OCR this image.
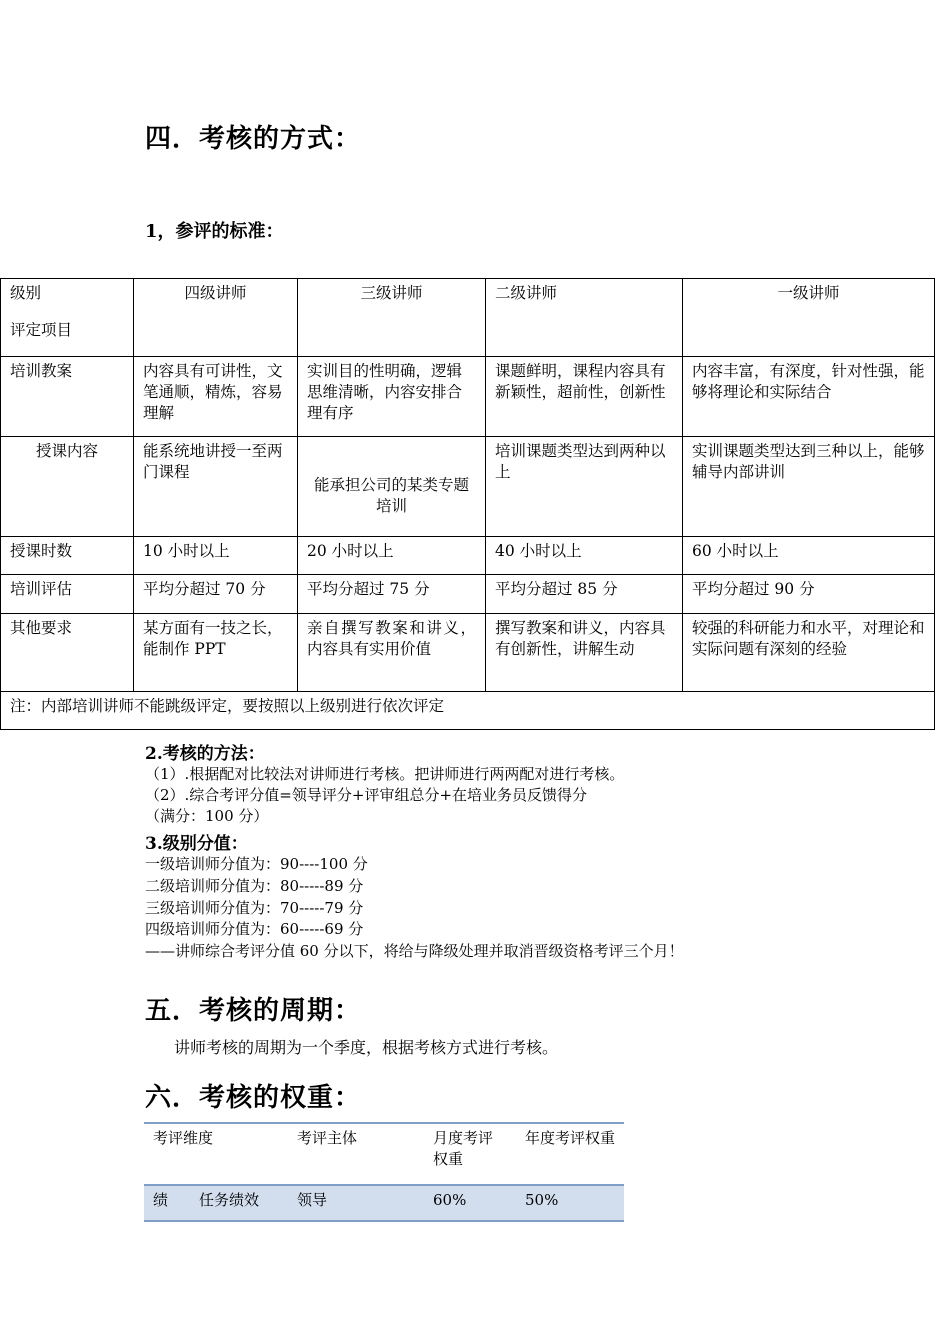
四．考核的方式：
1，参评的标准：
级别
评定项目	四级讲师	三级讲师	二级讲师	一级讲师
培训教案	内容具有可讲性，文笔通顺，精炼，容易理解	实训目的性明确，逻辑思维清晰，内容安排合理有序	课题鲜明，课程内容具有新颖性，超前性，创新性	内容丰富，有深度，针对性强，能够将理论和实际结合
授课内容	能系统地讲授一至两门课程	能承担公司的某类专题培训	培训课题类型达到两种以上	实训课题类型达到三种以上，能够辅导内部讲训
授课时数	10 小时以上	20 小时以上	40 小时以上	60 小时以上
培训评估	平均分超过 70 分	平均分超过 75 分	平均分超过 85 分	平均分超过 90 分
其他要求	某方面有一技之长，能制作 PPT	亲自撰写教案和讲义，内容具有实用价值	撰写教案和讲义，内容具有创新性，讲解生动	较强的科研能力和水平，对理论和实际问题有深刻的经验
注：内部培训讲师不能跳级评定，要按照以上级别进行依次评定				
2.考核的方法：
（1）.根据配对比较法对讲师进行考核。把讲师进行两两配对进行考核。
（2）.综合考评分值=领导评分+评审组总分+在培业务员反馈得分
（满分：100 分）
3.级别分值：
一级培训师分值为：90----100 分
二级培训师分值为：80-----89 分
三级培训师分值为：70-----79 分
四级培训师分值为：60-----69 分
——讲师综合考评分值 60 分以下，将给与降级处理并取消晋级资格考评三个月！
五．考核的周期：
讲师考核的周期为一个季度，根据考核方式进行考核。
六．考核的权重：
考评维度		考评主体	月度考评权重	年度考评权重
绩	任务绩效	领导	60%	50%
